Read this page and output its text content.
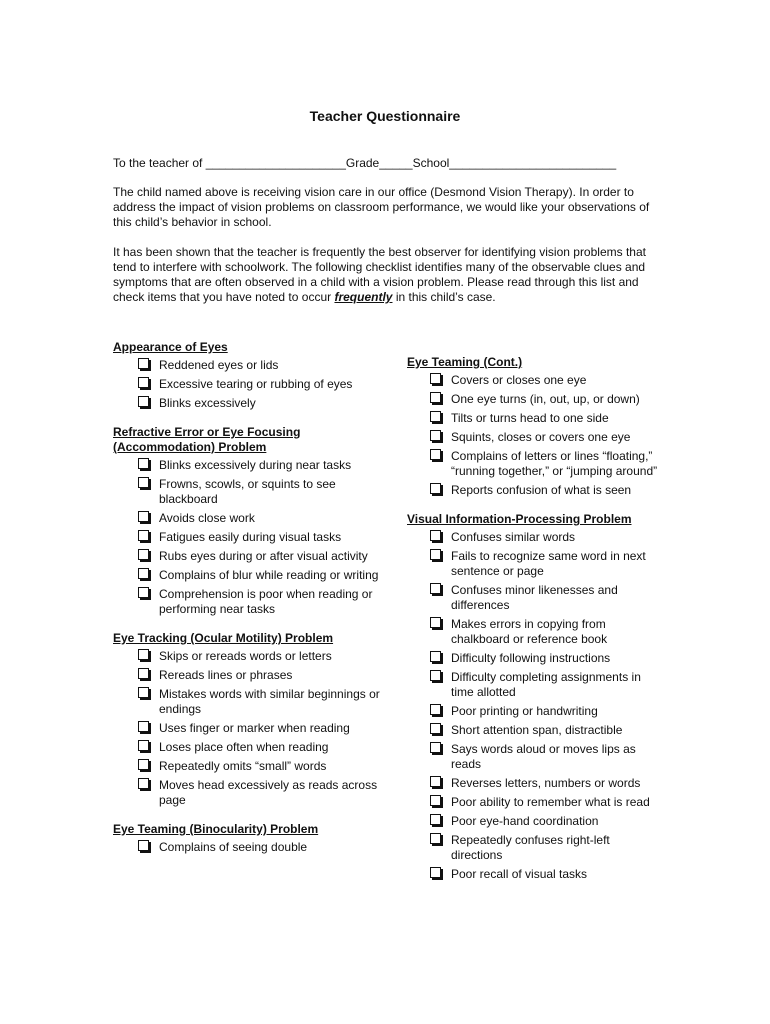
Teacher Questionnaire
To the teacher of _____________________Grade_____School_________________________
The child named above is receiving vision care in our office (Desmond Vision Therapy). In order to address the impact of vision problems on classroom performance, we would like your observations of this child’s behavior in school.
It has been shown that the teacher is frequently the best observer for identifying vision problems that tend to interfere with schoolwork. The following checklist identifies many of the observable clues and symptoms that are often observed in a child with a vision problem. Please read through this list and check items that you have noted to occur frequently in this child’s case.
Appearance of Eyes
Reddened eyes or lids
Excessive tearing or rubbing of eyes
Blinks excessively
Refractive Error or Eye Focusing (Accommodation) Problem
Blinks excessively during near tasks
Frowns, scowls, or squints to see blackboard
Avoids close work
Fatigues easily during visual tasks
Rubs eyes during or after visual activity
Complains of blur while reading or writing
Comprehension is poor when reading or performing near tasks
Eye Tracking (Ocular Motility) Problem
Skips or rereads words or letters
Rereads lines or phrases
Mistakes words with similar beginnings or endings
Uses finger or marker when reading
Loses place often when reading
Repeatedly omits “small” words
Moves head excessively as reads across page
Eye Teaming (Binocularity) Problem
Complains of seeing double
Eye Teaming (Cont.)
Covers or closes one eye
One eye turns (in, out, up, or down)
Tilts or turns head to one side
Squints, closes or covers one eye
Complains of letters or lines “floating,” “running together,” or “jumping around”
Reports confusion of what is seen
Visual Information-Processing Problem
Confuses similar words
Fails to recognize same word in next sentence or page
Confuses minor likenesses and differences
Makes errors in copying from chalkboard or reference book
Difficulty following instructions
Difficulty completing assignments in time allotted
Poor printing or handwriting
Short attention span, distractible
Says words aloud or moves lips as reads
Reverses letters, numbers or words
Poor ability to remember what is read
Poor eye-hand coordination
Repeatedly confuses right-left directions
Poor recall of visual tasks
